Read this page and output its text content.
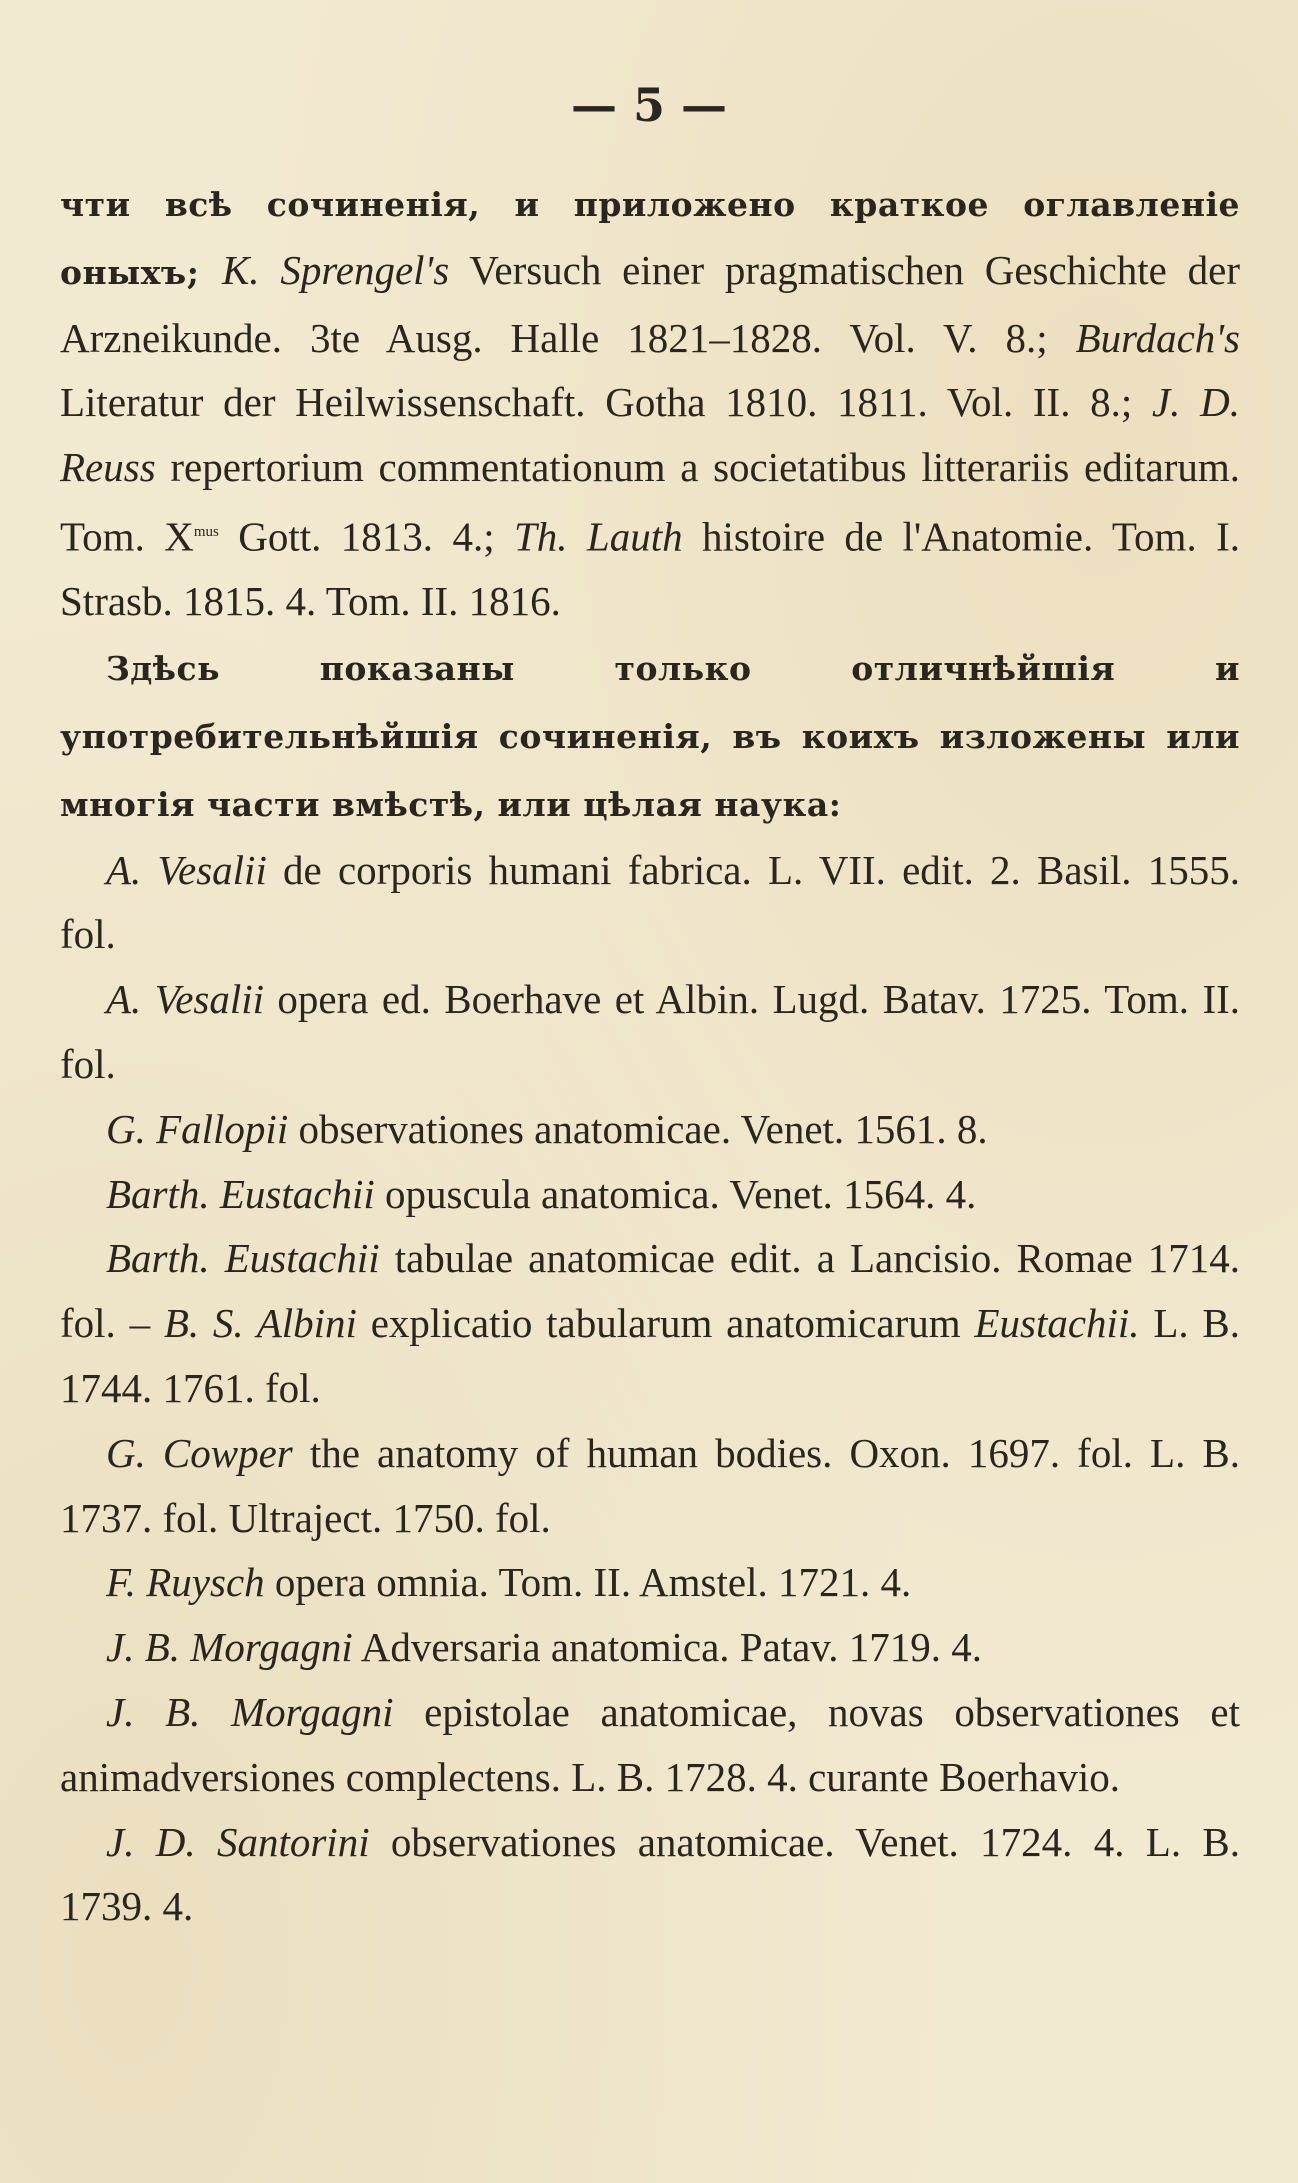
— 5 —

чти всѣ сочиненія, и приложено краткое оглавленіе оныхъ; K. Sprengel's Versuch einer pragmatischen Geschichte der Arzneikunde. 3te Ausg. Halle 1821–1828. Vol. V. 8.; Burdach's Literatur der Heilwissenschaft. Gotha 1810. 1811. Vol. II. 8.; J. D. Reuss repertorium commentationum a societatibus litterariis editarum. Tom. $X^{mus}$ Gott. 1813. 4.; Th. Lauth histoire de l'Anatomie. Tom. I. Strasb. 1815. 4. Tom. II. 1816.

Здѣсь показаны только отличнѣйшія и употребительнѣйшія сочиненія, въ коихъ изложены или многія части вмѣстѣ, или цѣлая наука:

A. Vesalii de corporis humani fabrica. L. VII. edit. 2. Basil. 1555. fol.

A. Vesalii opera ed. Boerhave et Albin. Lugd. Batav. 1725. Tom. II. fol.

G. Fallopii observationes anatomicae. Venet. 1561. 8.

Barth. Eustachii opuscula anatomica. Venet. 1564. 4.

Barth. Eustachii tabulae anatomicae edit. a Lancisio. Romae 1714. fol. – B. S. Albini explicatio tabularum anatomicarum Eustachii. L. B. 1744. 1761. fol.

G. Cowper the anatomy of human bodies. Oxon. 1697. fol. L. B. 1737. fol. Ultraject. 1750. fol.

F. Ruysch opera omnia. Tom. II. Amstel. 1721. 4.

J. B. Morgagni Adversaria anatomica. Patav. 1719. 4.

J. B. Morgagni epistolae anatomicae, novas observationes et animadversiones complectens. L. B. 1728. 4. curante Boerhavio.

J. D. Santorini observationes anatomicae. Venet. 1724. 4. L. B. 1739. 4.
